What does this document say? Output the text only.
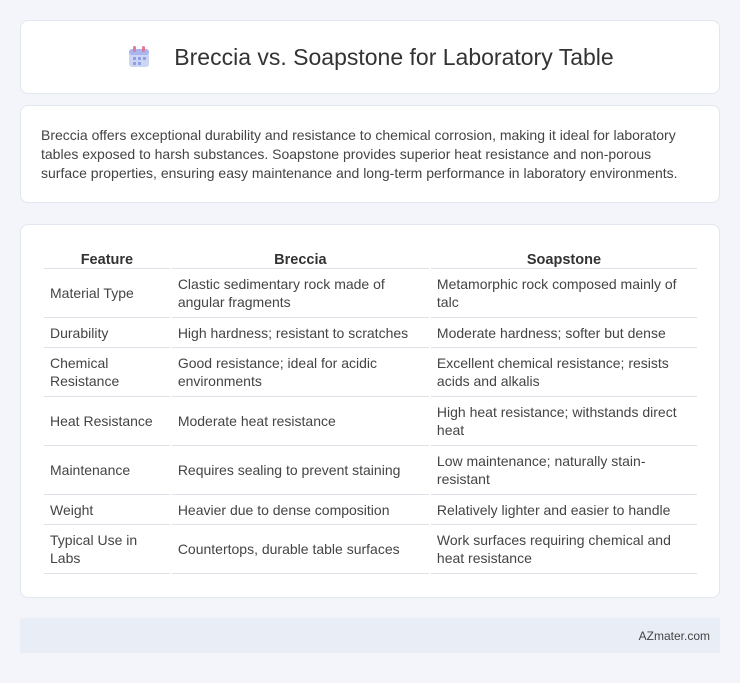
Breccia vs. Soapstone for Laboratory Table

Breccia offers exceptional durability and resistance to chemical corrosion, making it ideal for laboratory tables exposed to harsh substances. Soapstone provides superior heat resistance and non-porous surface properties, ensuring easy maintenance and long-term performance in laboratory environments.

Feature	Breccia	Soapstone
Material Type	Clastic sedimentary rock made of angular fragments	Metamorphic rock composed mainly of talc
Durability	High hardness; resistant to scratches	Moderate hardness; softer but dense
Chemical Resistance	Good resistance; ideal for acidic environments	Excellent chemical resistance; resists acids and alkalis
Heat Resistance	Moderate heat resistance	High heat resistance; withstands direct heat
Maintenance	Requires sealing to prevent staining	Low maintenance; naturally stain-resistant
Weight	Heavier due to dense composition	Relatively lighter and easier to handle
Typical Use in Labs	Countertops, durable table surfaces	Work surfaces requiring chemical and heat resistance
AZmater.com
